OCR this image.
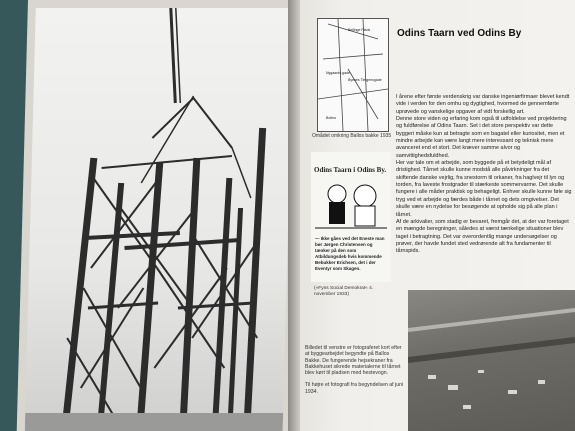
Bellinge Plads
Nygaards-gade
Byenes Tietgensgade
Bolbro
Omådet omkring Ballos bakke 1935
Odins Taarn i Odins By.
— Ikke gåes ved det Eneste man bør Jørgen Christensen og tænker på den som Atbildungsdeb hvis kommende Bebukker Erichsen, det i der Eventyr som Skagen.
(»Fyns Social Demokrat« 4. november 1933)
Odins Taarn ved Odins By

I årene efter første verdenskrig var danske ingeniørfirmaer blevet kendt vide i verden for den omhu og dygtighed, hvormed de gennemførte uprøvede og vanskelige opgaver af vidt forskellig art.

Denne store viden og erfaring kom også til udfoldelse ved projektering og fuldførelse af Odins Taarn. Set i det store perspektiv var dette byggeri måske kun at betragte som en bagatel eller kuriositet, men et mindre arbejde kan være langt mere interessant og teknisk mere avanceret end et stort. Det kræver samme alvor og samvittighedsfuldhed.

Her var tale om et arbejde, som byggede på et betydeligt mål af dristighed. Tårnet skulle kunne modstå alle påvirkninger fra det skiftende danske vejrlig, fra snestorm til orkaner, fra haglvejr til lyn og torden, fra laveste frostgrader til stærkeste sommervarme. Det skulle fungere i alle måder praktisk og behageligt. Enhver skulle kunne føle sig tryg ved et arbejde og færdes både i tårnet og dets omgivelser. Det skulle være en nydelse for besøgende at opholde sig på alle plan i tårnet.

Af de arkivalier, som stadig er bevaret, fremgår det, at der var foretaget en mængde beregninger, således at værst tænkelige situationer blev taget i betragtning. Det var overordentlig mange undersøgelser og prøver, der havde fundet sted vedrørende alt fra fundamenter til tårnspids.

Billedet til venstre er fotograferet kort efter at byggearbejdet begyndte på Ballos Bakke. De fungerende hejsekraner fra Bakkehuset sikrede materialerne til tårnet blev kørt til pladsen med hestevogn.

Til højre et fotografi fra begyndelsen af juni 1934.
